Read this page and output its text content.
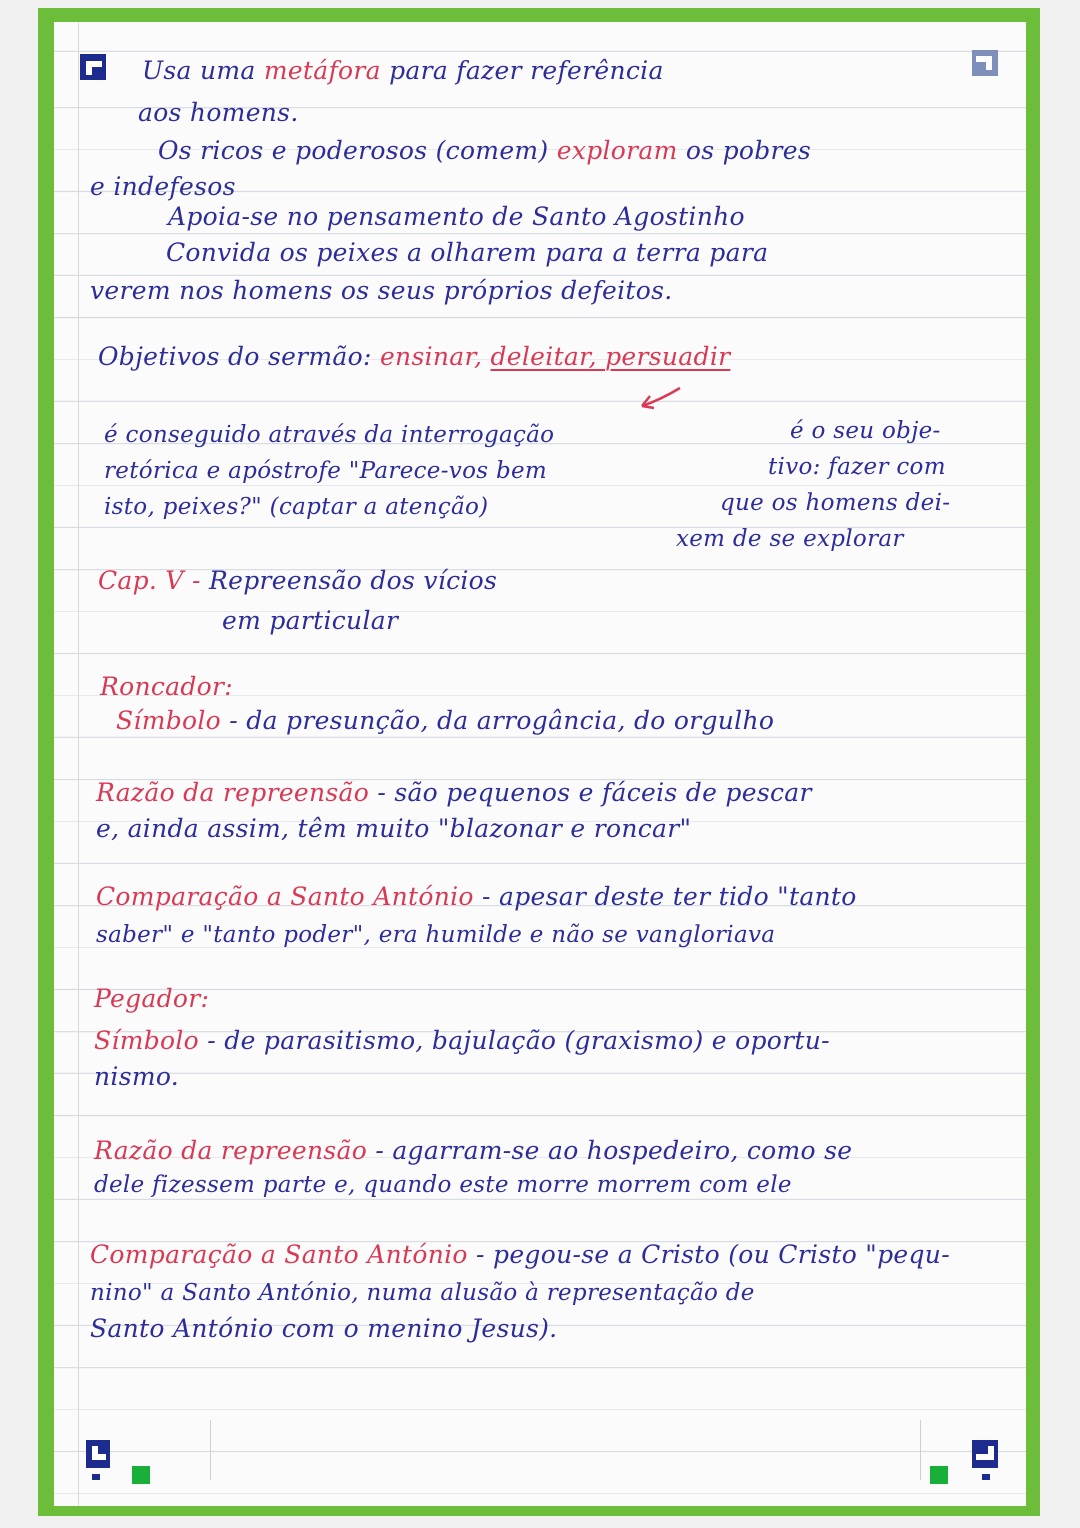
Usa uma metáfora para fazer referência
aos homens.
Os ricos e poderosos (comem) exploram os pobres
e indefesos
Apoia-se no pensamento de Santo Agostinho
Convida os peixes a olharem para a terra para
verem nos homens os seus próprios defeitos.
Objetivos do sermão: ensinar, deleitar, persuadir
é conseguido através da interrogação
retórica e apóstrofe "Parece-vos bem
isto, peixes?" (captar a atenção)
é o seu obje-
tivo: fazer com
que os homens dei-
xem de se explorar
Cap. V - Repreensão dos vícios
em particular
Roncador:
Símbolo - da presunção, da arrogância, do orgulho
Razão da repreensão - são pequenos e fáceis de pescar
e, ainda assim, têm muito "blazonar e roncar"
Comparação a Santo António - apesar deste ter tido "tanto
saber" e "tanto poder", era humilde e não se vangloriava
Pegador:
Símbolo - de parasitismo, bajulação (graxismo) e oportu-
nismo.
Razão da repreensão - agarram-se ao hospedeiro, como se
dele fizessem parte e, quando este morre morrem com ele
Comparação a Santo António - pegou-se a Cristo (ou Cristo "pequ-
nino" a Santo António, numa alusão à representação de
Santo António com o menino Jesus).
